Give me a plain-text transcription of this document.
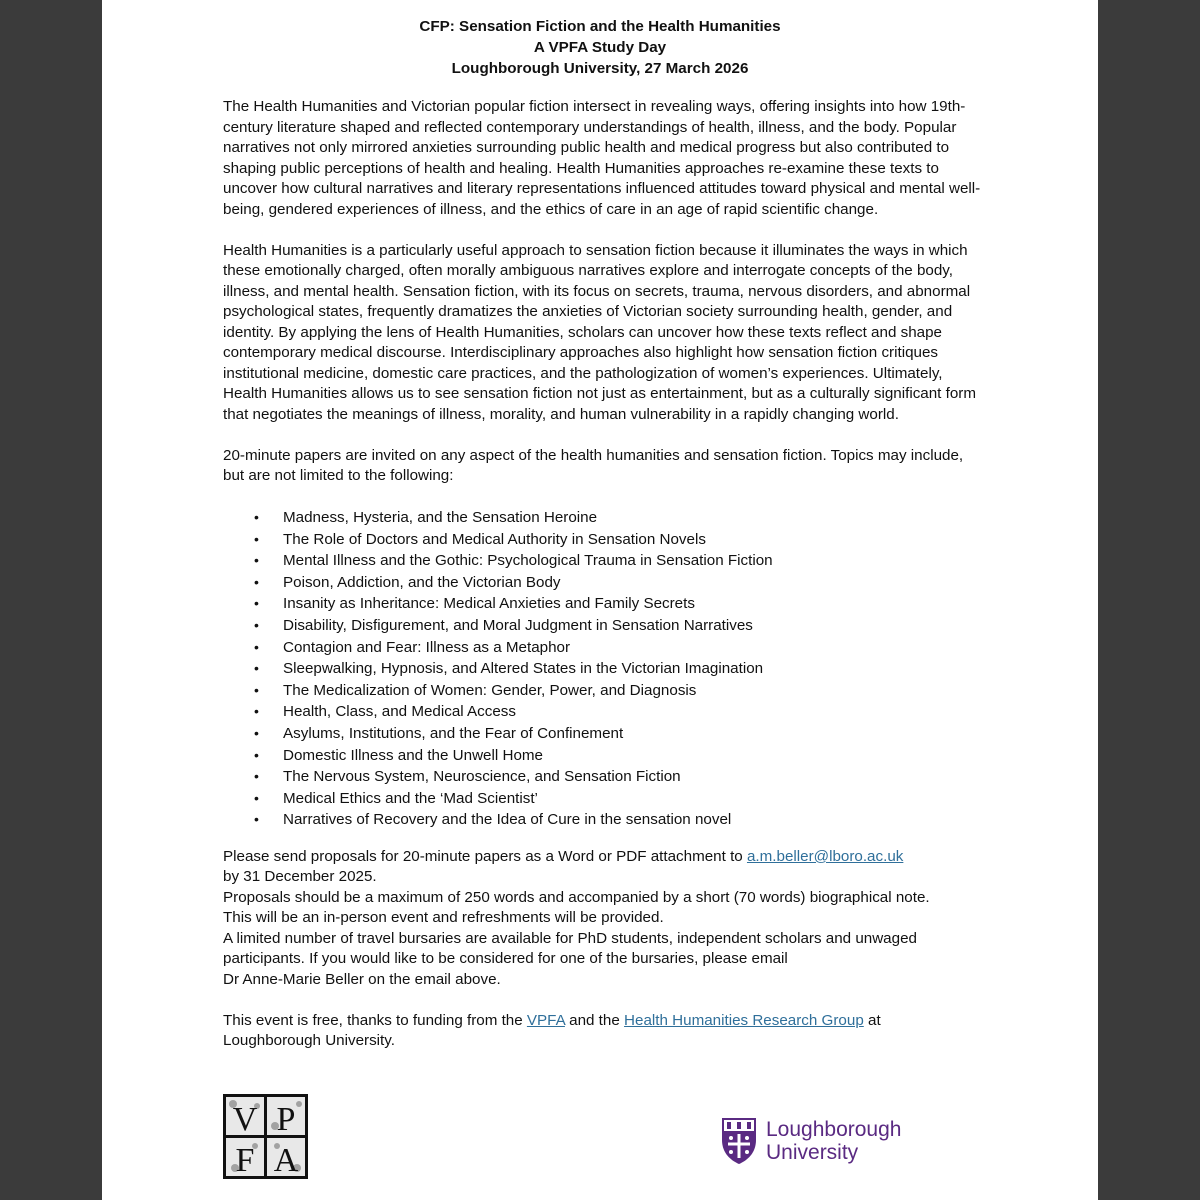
CFP: Sensation Fiction and the Health Humanities
A VPFA Study Day
Loughborough University, 27 March 2026

The Health Humanities and Victorian popular fiction intersect in revealing ways, offering insights into how 19th-century literature shaped and reflected contemporary understandings of health, illness, and the body. Popular narratives not only mirrored anxieties surrounding public health and medical progress but also contributed to shaping public perceptions of health and healing. Health Humanities approaches re-examine these texts to uncover how cultural narratives and literary representations influenced attitudes toward physical and mental well-being, gendered experiences of illness, and the ethics of care in an age of rapid scientific change.

Health Humanities is a particularly useful approach to sensation fiction because it illuminates the ways in which these emotionally charged, often morally ambiguous narratives explore and interrogate concepts of the body, illness, and mental health. Sensation fiction, with its focus on secrets, trauma, nervous disorders, and abnormal psychological states, frequently dramatizes the anxieties of Victorian society surrounding health, gender, and identity. By applying the lens of Health Humanities, scholars can uncover how these texts reflect and shape contemporary medical discourse. Interdisciplinary approaches also highlight how sensation fiction critiques institutional medicine, domestic care practices, and the pathologization of women’s experiences. Ultimately, Health Humanities allows us to see sensation fiction not just as entertainment, but as a culturally significant form that negotiates the meanings of illness, morality, and human vulnerability in a rapidly changing world.

20-minute papers are invited on any aspect of the health humanities and sensation fiction. Topics may include, but are not limited to the following:

• Madness, Hysteria, and the Sensation Heroine
• The Role of Doctors and Medical Authority in Sensation Novels
• Mental Illness and the Gothic: Psychological Trauma in Sensation Fiction
• Poison, Addiction, and the Victorian Body
• Insanity as Inheritance: Medical Anxieties and Family Secrets
• Disability, Disfigurement, and Moral Judgment in Sensation Narratives
• Contagion and Fear: Illness as a Metaphor
• Sleepwalking, Hypnosis, and Altered States in the Victorian Imagination
• The Medicalization of Women: Gender, Power, and Diagnosis
• Health, Class, and Medical Access
• Asylums, Institutions, and the Fear of Confinement
• Domestic Illness and the Unwell Home
• The Nervous System, Neuroscience, and Sensation Fiction
• Medical Ethics and the ‘Mad Scientist’
• Narratives of Recovery and the Idea of Cure in the sensation novel

Please send proposals for 20-minute papers as a Word or PDF attachment to a.m.beller@lboro.ac.uk

by 31 December 2025.

Proposals should be a maximum of 250 words and accompanied by a short (70 words) biographical note.

This will be an in-person event and refreshments will be provided.

A limited number of travel bursaries are available for PhD students, independent scholars and unwaged participants. If you would like to be considered for one of the bursaries, please email

Dr Anne-Marie Beller on the email above.

This event is free, thanks to funding from the VPFA and the Health Humanities Research Group at

Loughborough University.

V P
F A
Loughborough
University
